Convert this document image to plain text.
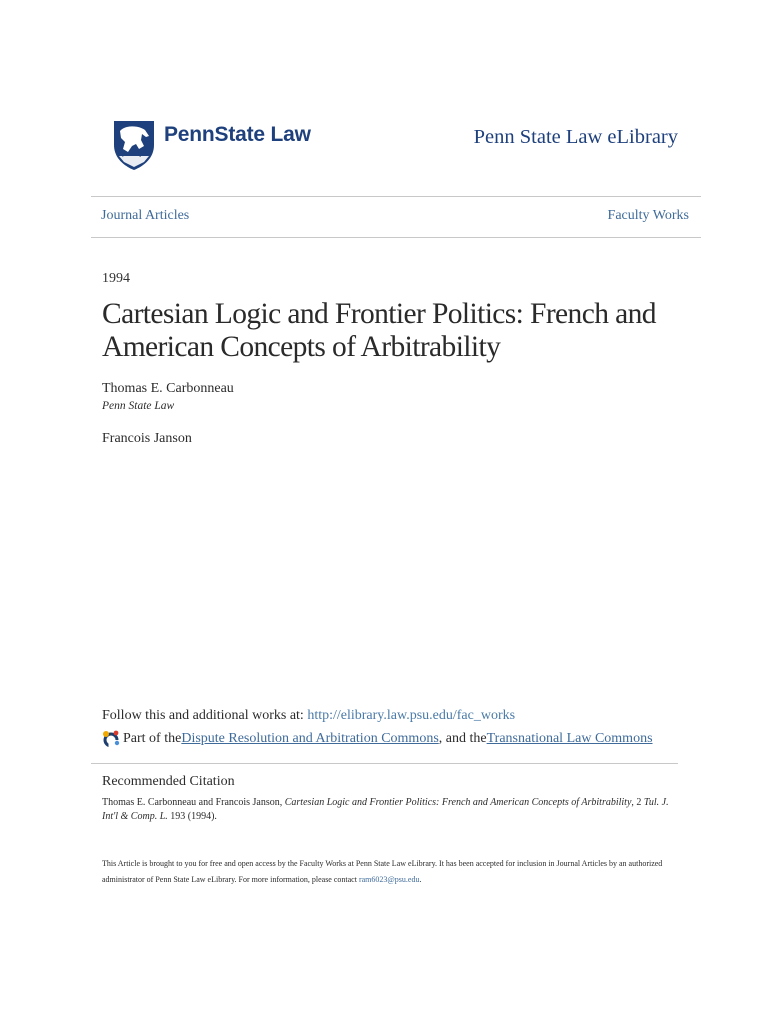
PennState Law	Penn State Law eLibrary
Journal Articles	Faculty Works
1994
Cartesian Logic and Frontier Politics: French and American Concepts of Arbitrability
Thomas E. Carbonneau
Penn State Law
Francois Janson
Follow this and additional works at: http://elibrary.law.psu.edu/fac_works
Part of the Dispute Resolution and Arbitration Commons , and the Transnational Law Commons
Recommended Citation
Thomas E. Carbonneau and Francois Janson, Cartesian Logic and Frontier Politics: French and American Concepts of Arbitrability, 2 Tul. J. Int'l & Comp. L. 193 (1994).
This Article is brought to you for free and open access by the Faculty Works at Penn State Law eLibrary. It has been accepted for inclusion in Journal Articles by an authorized administrator of Penn State Law eLibrary. For more information, please contact ram6023@psu.edu.
